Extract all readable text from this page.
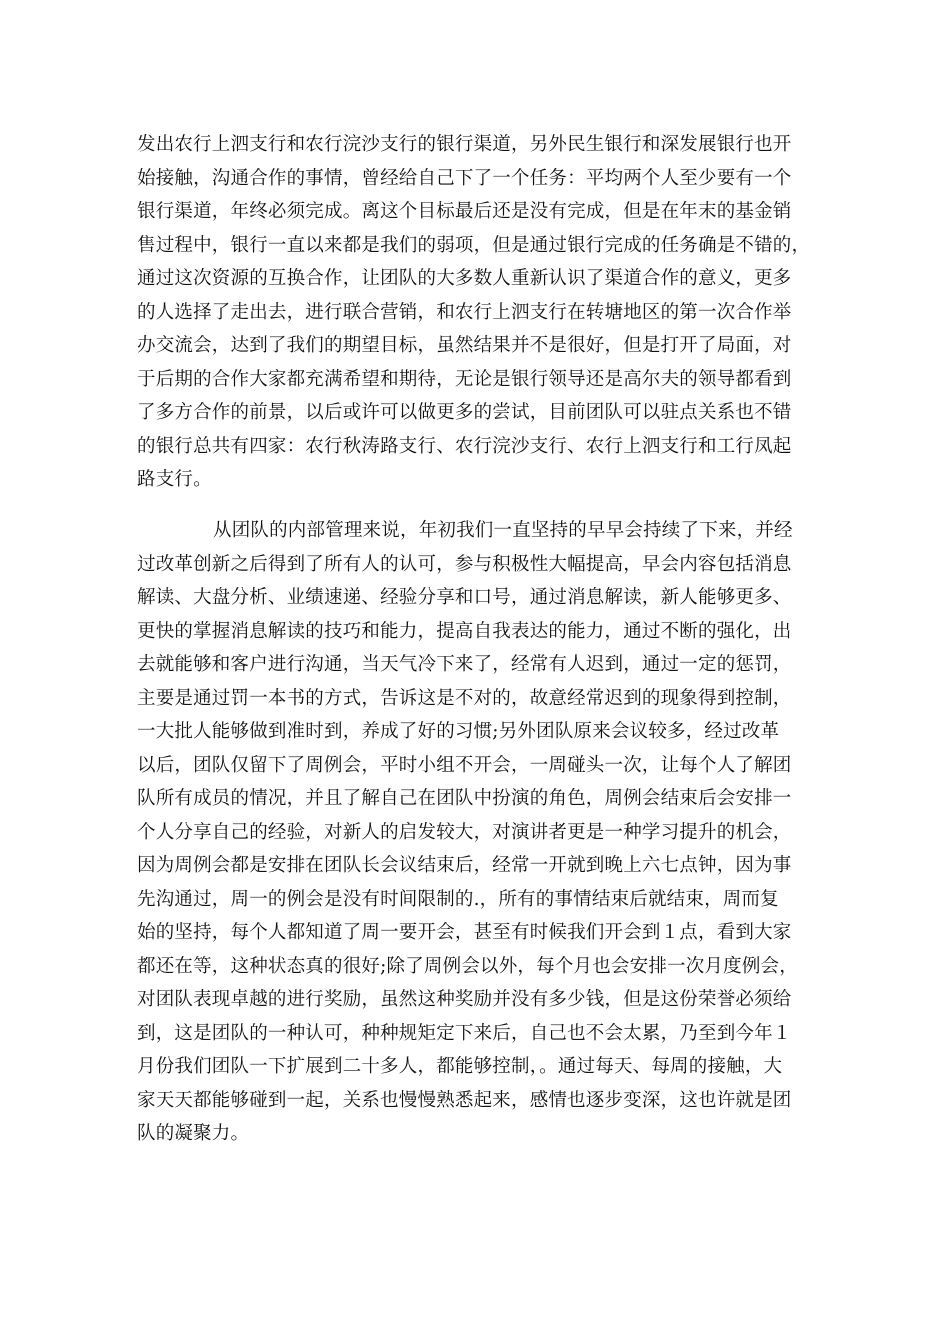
发出农行上泗支行和农行浣沙支行的银行渠道，另外民生银行和深发展银行也开
始接触，沟通合作的事情，曾经给自己下了一个任务：平均两个人至少要有一个
银行渠道，年终必须完成。离这个目标最后还是没有完成，但是在年末的基金销
售过程中，银行一直以来都是我们的弱项，但是通过银行完成的任务确是不错的，
通过这次资源的互换合作，让团队的大多数人重新认识了渠道合作的意义，更多
的人选择了走出去，进行联合营销，和农行上泗支行在转塘地区的第一次合作举
办交流会，达到了我们的期望目标，虽然结果并不是很好，但是打开了局面，对
于后期的合作大家都充满希望和期待，无论是银行领导还是高尔夫的领导都看到
了多方合作的前景，以后或许可以做更多的尝试，目前团队可以驻点关系也不错
的银行总共有四家：农行秋涛路支行、农行浣沙支行、农行上泗支行和工行凤起
路支行。
从团队的内部管理来说，年初我们一直坚持的早早会持续了下来，并经
过改革创新之后得到了所有人的认可，参与积极性大幅提高，早会内容包括消息
解读、大盘分析、业绩速递、经验分享和口号，通过消息解读，新人能够更多、
更快的掌握消息解读的技巧和能力，提高自我表达的能力，通过不断的强化，出
去就能够和客户进行沟通，当天气冷下来了，经常有人迟到，通过一定的惩罚，
主要是通过罚一本书的方式，告诉这是不对的，故意经常迟到的现象得到控制，
一大批人能够做到准时到，养成了好的习惯;另外团队原来会议较多，经过改革
以后，团队仅留下了周例会，平时小组不开会，一周碰头一次，让每个人了解团
队所有成员的情况，并且了解自己在团队中扮演的角色，周例会结束后会安排一
个人分享自己的经验，对新人的启发较大，对演讲者更是一种学习提升的机会，
因为周例会都是安排在团队长会议结束后，经常一开就到晚上六七点钟，因为事
先沟通过，周一的例会是没有时间限制的.，所有的事情结束后就结束，周而复
始的坚持，每个人都知道了周一要开会，甚至有时候我们开会到１点，看到大家
都还在等，这种状态真的很好;除了周例会以外，每个月也会安排一次月度例会，
对团队表现卓越的进行奖励，虽然这种奖励并没有多少钱，但是这份荣誉必须给
到，这是团队的一种认可，种种规矩定下来后，自己也不会太累，乃至到今年１
月份我们团队一下扩展到二十多人，都能够控制，。通过每天、每周的接触，大
家天天都能够碰到一起，关系也慢慢熟悉起来，感情也逐步变深，这也许就是团
队的凝聚力。
